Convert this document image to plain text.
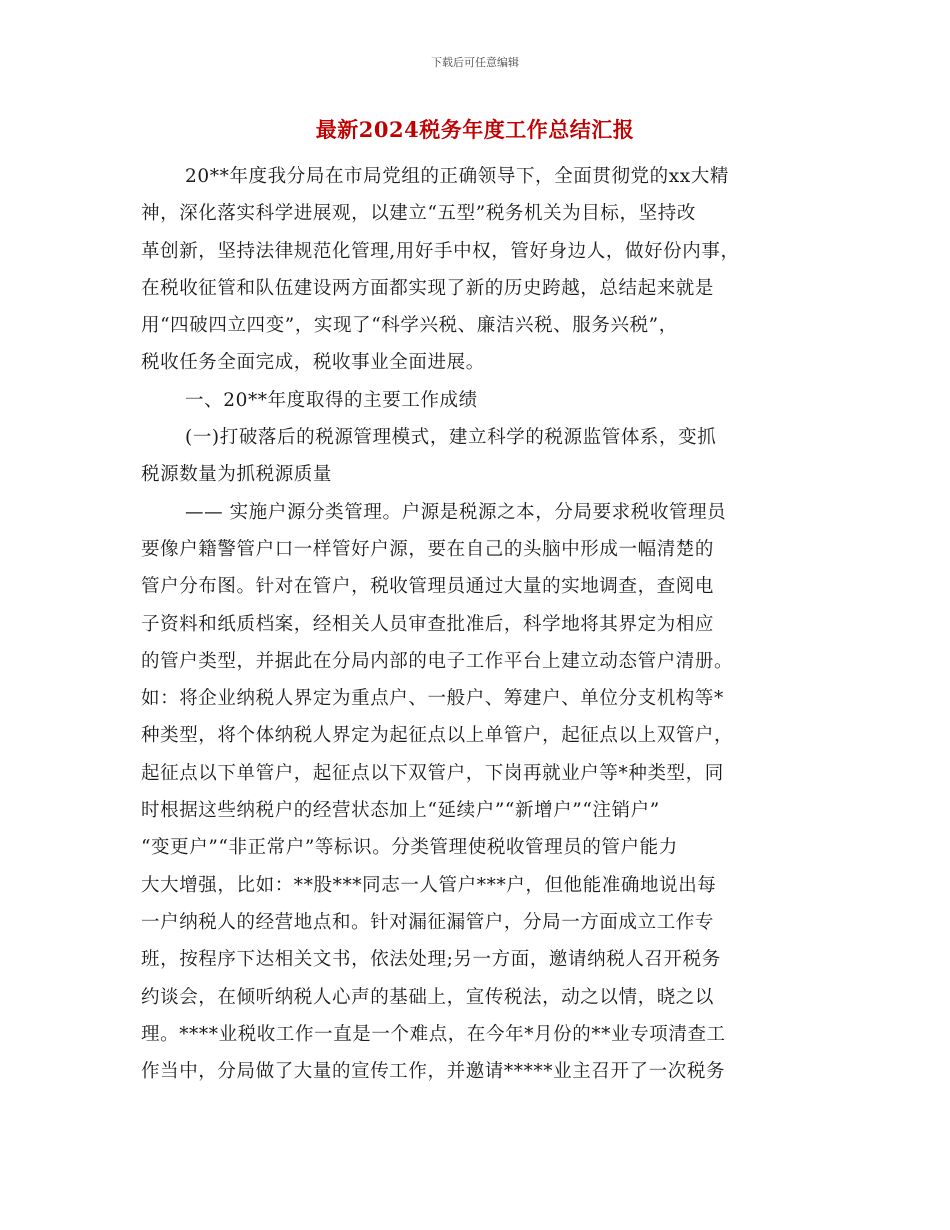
下载后可任意编辑
最新2024税务年度工作总结汇报
20**年度我分局在市局党组的正确领导下，全面贯彻党的xx大精
神，深化落实科学进展观，以建立“五型”税务机关为目标，坚持改
革创新，坚持法律规范化管理,用好手中权，管好身边人，做好份内事，
在税收征管和队伍建设两方面都实现了新的历史跨越，总结起来就是
用“四破四立四变”，实现了“科学兴税、廉洁兴税、服务兴税”，
税收任务全面完成，税收事业全面进展。
一、20**年度取得的主要工作成绩
(一)打破落后的税源管理模式，建立科学的税源监管体系，变抓
税源数量为抓税源质量
—— 实施户源分类管理。户源是税源之本，分局要求税收管理员
要像户籍警管户口一样管好户源，要在自己的头脑中形成一幅清楚的
管户分布图。针对在管户，税收管理员通过大量的实地调查，查阅电
子资料和纸质档案，经相关人员审查批准后，科学地将其界定为相应
的管户类型，并据此在分局内部的电子工作平台上建立动态管户清册。
如：将企业纳税人界定为重点户、一般户、筹建户、单位分支机构等*
种类型，将个体纳税人界定为起征点以上单管户，起征点以上双管户，
起征点以下单管户，起征点以下双管户，下岗再就业户等*种类型，同
时根据这些纳税户的经营状态加上“延续户”“新增户”“注销户”
“变更户”“非正常户”等标识。分类管理使税收管理员的管户能力
大大增强，比如：**股***同志一人管户***户，但他能准确地说出每
一户纳税人的经营地点和。针对漏征漏管户，分局一方面成立工作专
班，按程序下达相关文书，依法处理;另一方面，邀请纳税人召开税务
约谈会，在倾听纳税人心声的基础上，宣传税法，动之以情，晓之以
理。****业税收工作一直是一个难点，在今年*月份的**业专项清查工
作当中，分局做了大量的宣传工作，并邀请*****业主召开了一次税务
